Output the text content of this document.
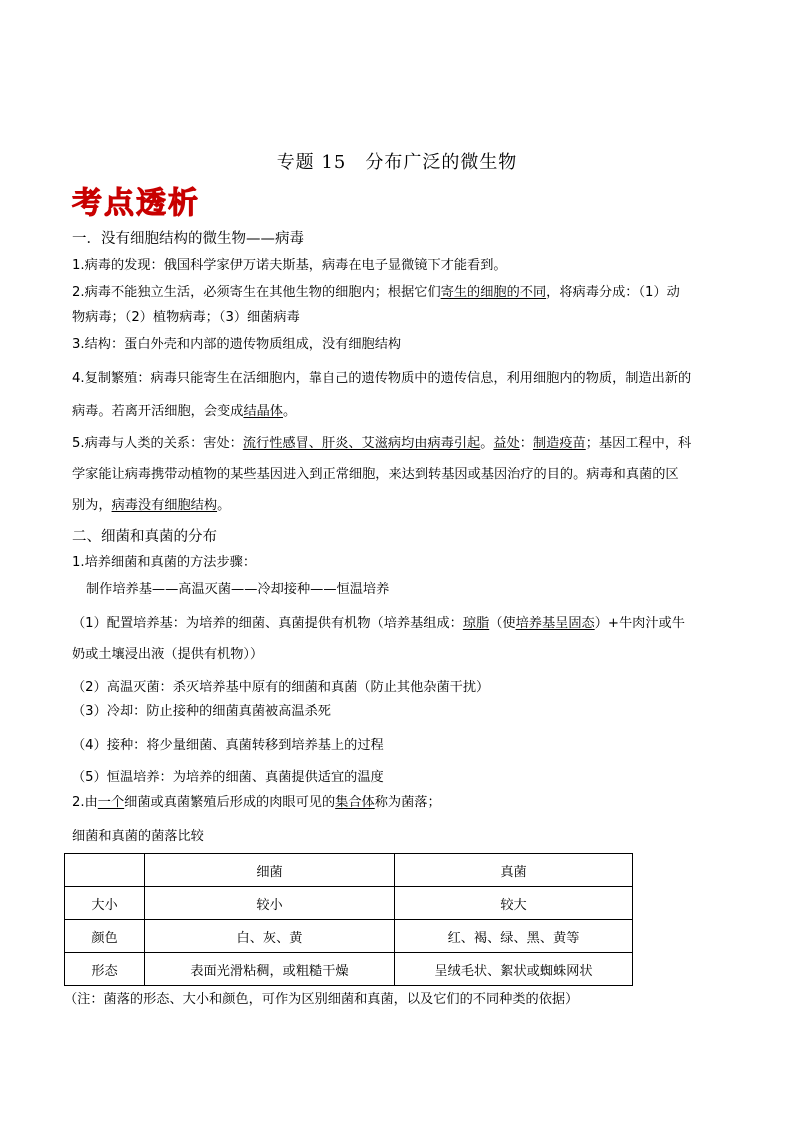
专题 15　分布广泛的微生物
考点透析
一．没有细胞结构的微生物——病毒
1.病毒的发现：俄国科学家伊万诺夫斯基，病毒在电子显微镜下才能看到。
2.病毒不能独立生活，必须寄生在其他生物的细胞内；根据它们寄生的细胞的不同，将病毒分成：（1）动
物病毒；（2）植物病毒；（3）细菌病毒
3.结构：蛋白外壳和内部的遗传物质组成，没有细胞结构
4.复制繁殖：病毒只能寄生在活细胞内，靠自己的遗传物质中的遗传信息，利用细胞内的物质，制造出新的
病毒。若离开活细胞，会变成结晶体。
5.病毒与人类的关系：害处：流行性感冒、肝炎、艾滋病均由病毒引起。益处：制造疫苗；基因工程中，科
学家能让病毒携带动植物的某些基因进入到正常细胞，来达到转基因或基因治疗的目的。病毒和真菌的区
别为，病毒没有细胞结构。
二、细菌和真菌的分布
1.培养细菌和真菌的方法步骤：
制作培养基——高温灭菌——冷却接种——恒温培养
（1）配置培养基：为培养的细菌、真菌提供有机物（培养基组成：琼脂（使培养基呈固态）+牛肉汁或牛
奶或土壤浸出液（提供有机物））
（2）高温灭菌：杀灭培养基中原有的细菌和真菌（防止其他杂菌干扰）
（3）冷却：防止接种的细菌真菌被高温杀死
（4）接种：将少量细菌、真菌转移到培养基上的过程
（5）恒温培养：为培养的细菌、真菌提供适宜的温度
2.由一个细菌或真菌繁殖后形成的肉眼可见的集合体称为菌落；
细菌和真菌的菌落比较
	细菌	真菌
大小	较小	较大
颜色	白、灰、黄	红、褐、绿、黑、黄等
形态	表面光滑粘稠，或粗糙干燥	呈绒毛状、絮状或蜘蛛网状
（注：菌落的形态、大小和颜色，可作为区别细菌和真菌，以及它们的不同种类的依据）
